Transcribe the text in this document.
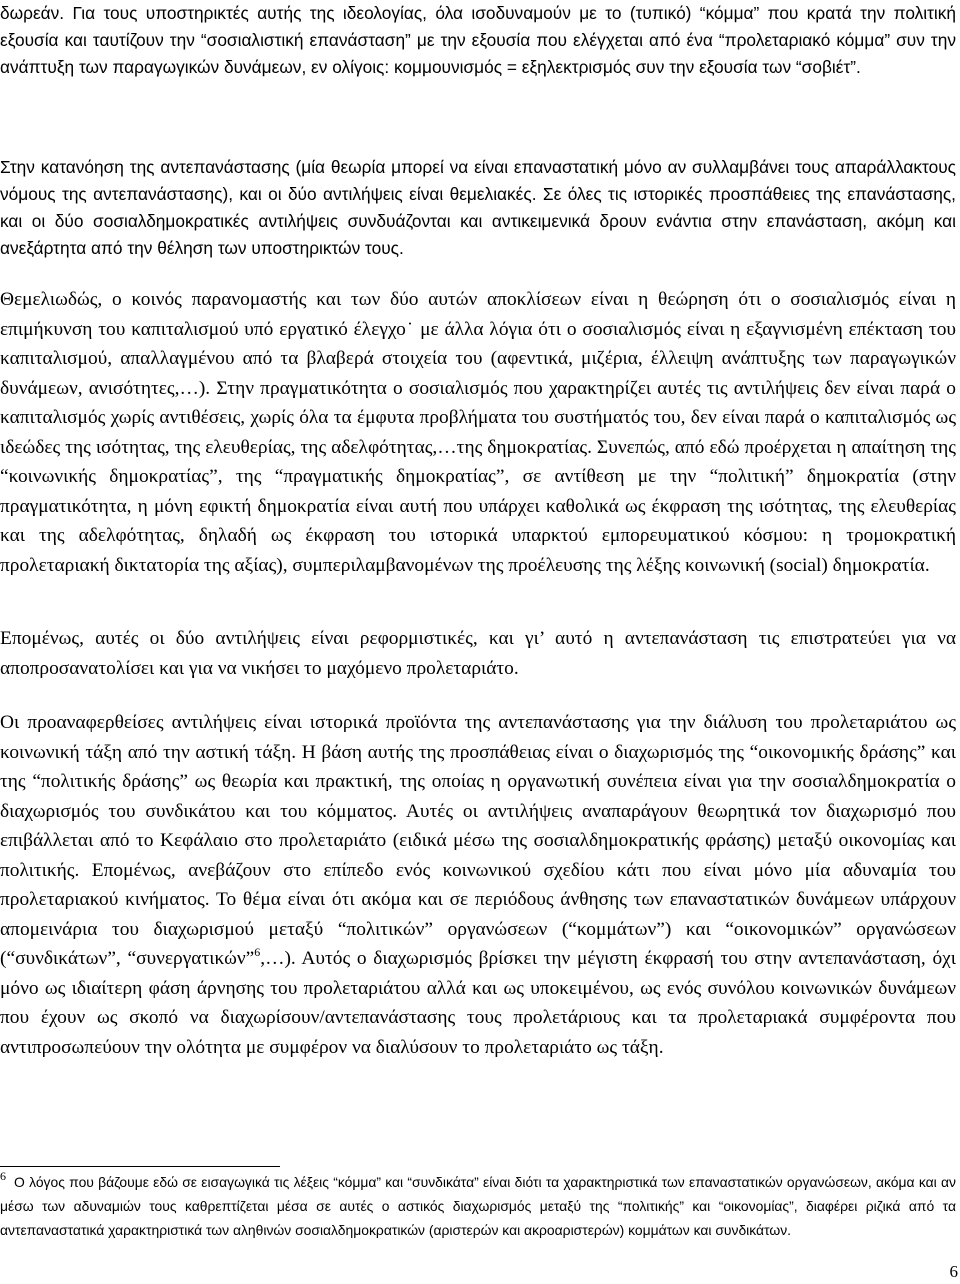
δωρεάν. Για τους υποστηρικτές αυτής της ιδεολογίας, όλα ισοδυναμούν με το (τυπικό) “κόμμα” που κρατά την πολιτική εξουσία και ταυτίζουν την “σοσιαλιστική επανάσταση” με την εξουσία που ελέγχεται από ένα “προλεταριακό κόμμα” συν την ανάπτυξη των παραγωγικών δυνάμεων, εν ολίγοις: κομμουνισμός = εξηλεκτρισμός συν την εξουσία των “σοβιέτ”.

Στην κατανόηση της αντεπανάστασης (μία θεωρία μπορεί να είναι επαναστατική μόνο αν συλλαμβάνει τους απαράλλακτους νόμους της αντεπανάστασης), και οι δύο αντιλήψεις είναι θεμελιακές. Σε όλες τις ιστορικές προσπάθειες της επανάστασης, και οι δύο σοσιαλδημοκρατικές αντιλήψεις συνδυάζονται και αντικειμενικά δρουν ενάντια στην επανάσταση, ακόμη και ανεξάρτητα από την θέληση των υποστηρικτών τους.

Θεμελιωδώς, ο κοινός παρανομαστής και των δύο αυτών αποκλίσεων είναι η θεώρηση ότι ο σοσιαλισμός είναι η επιμήκυνση του καπιταλισμού υπό εργατικό έλεγχο˙ με άλλα λόγια ότι ο σοσιαλισμός είναι η εξαγνισμένη επέκταση του καπιταλισμού, απαλλαγμένου από τα βλαβερά στοιχεία του (αφεντικά, μιζέρια, έλλειψη ανάπτυξης των παραγωγικών δυνάμεων, ανισότητες,…). Στην πραγματικότητα ο σοσιαλισμός που χαρακτηρίζει αυτές τις αντιλήψεις δεν είναι παρά ο καπιταλισμός χωρίς αντιθέσεις, χωρίς όλα τα έμφυτα προβλήματα του συστήματός του, δεν είναι παρά ο καπιταλισμός ως ιδεώδες της ισότητας, της ελευθερίας, της αδελφότητας,…της δημοκρατίας. Συνεπώς, από εδώ προέρχεται η απαίτηση της “κοινωνικής δημοκρατίας”, της “πραγματικής δημοκρατίας”, σε αντίθεση με την “πολιτική” δημοκρατία (στην πραγματικότητα, η μόνη εφικτή δημοκρατία είναι αυτή που υπάρχει καθολικά ως έκφραση της ισότητας, της ελευθερίας και της αδελφότητας, δηλαδή ως έκφραση του ιστορικά υπαρκτού εμπορευματικού κόσμου: η τρομοκρατική προλεταριακή δικτατορία της αξίας), συμπεριλαμβανομένων της προέλευσης της λέξης κοινωνική (social) δημοκρατία.

Επομένως, αυτές οι δύο αντιλήψεις είναι ρεφορμιστικές, και γι’ αυτό η αντεπανάσταση τις επιστρατεύει για να αποπροσανατολίσει και για να νικήσει το μαχόμενο προλεταριάτο.

Οι προαναφερθείσες αντιλήψεις είναι ιστορικά προϊόντα της αντεπανάστασης για την διάλυση του προλεταριάτου ως κοινωνική τάξη από την αστική τάξη. Η βάση αυτής της προσπάθειας είναι ο διαχωρισμός της “οικονομικής δράσης” και της “πολιτικής δράσης” ως θεωρία και πρακτική, της οποίας η οργανωτική συνέπεια είναι για την σοσιαλδημοκρατία ο διαχωρισμός του συνδικάτου και του κόμματος. Αυτές οι αντιλήψεις αναπαράγουν θεωρητικά τον διαχωρισμό που επιβάλλεται από το Κεφάλαιο στο προλεταριάτο (ειδικά μέσω της σοσιαλδημοκρατικής φράσης) μεταξύ οικονομίας και πολιτικής. Επομένως, ανεβάζουν στο επίπεδο ενός κοινωνικού σχεδίου κάτι που είναι μόνο μία αδυναμία του προλεταριακού κινήματος. Το θέμα είναι ότι ακόμα και σε περιόδους άνθησης των επαναστατικών δυνάμεων υπάρχουν απομεινάρια του διαχωρισμού μεταξύ “πολιτικών” οργανώσεων (“κομμάτων”) και “οικονομικών” οργανώσεων (“συνδικάτων”, “συνεργατικών”$^6$,…). Αυτός ο διαχωρισμός βρίσκει την μέγιστη έκφρασή του στην αντεπανάσταση, όχι μόνο ως ιδιαίτερη φάση άρνησης του προλεταριάτου αλλά και ως υποκειμένου, ως ενός συνόλου κοινωνικών δυνάμεων που έχουν ως σκοπό να διαχωρίσουν/αντεπανάστασης τους προλετάριους και τα προλεταριακά συμφέροντα που αντιπροσωπεύουν την ολότητα με συμφέρον να διαλύσουν το προλεταριάτο ως τάξη.

6 Ο λόγος που βάζουμε εδώ σε εισαγωγικά τις λέξεις “κόμμα” και “συνδικάτα” είναι διότι τα χαρακτηριστικά των επαναστατικών οργανώσεων, ακόμα και αν μέσω των αδυναμιών τους καθρεπτίζεται μέσα σε αυτές ο αστικός διαχωρισμός μεταξύ της “πολιτικής” και “οικονομίας”, διαφέρει ριζικά από τα αντεπαναστατικά χαρακτηριστικά των αληθινών σοσιαλδημοκρατικών (αριστερών και ακροαριστερών) κομμάτων και συνδικάτων.

6
